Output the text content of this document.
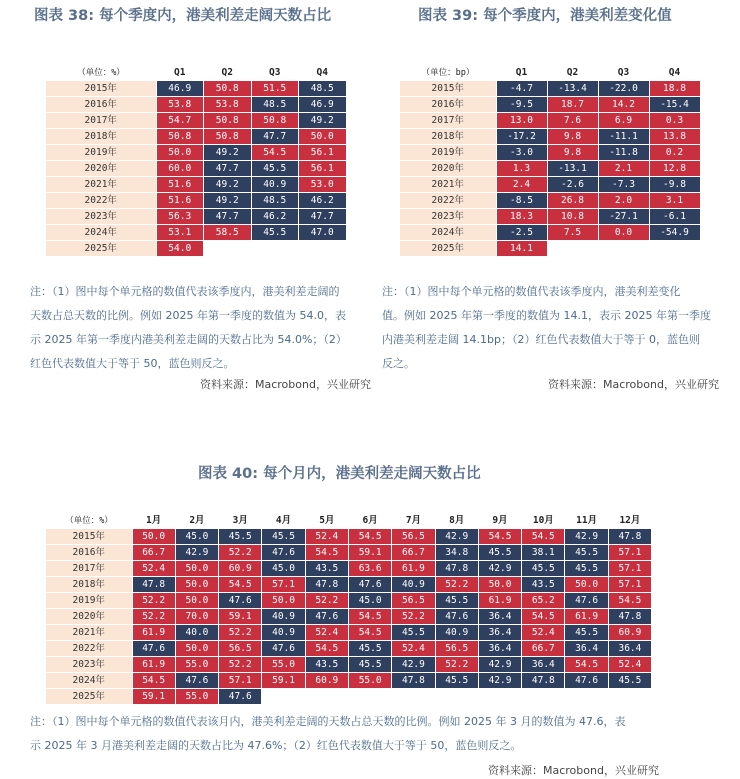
图表 38: 每个季度内，港美利差走阔天数占比
（单位：%）	Q1	Q2	Q3	Q4
2015年	46.9	50.8	51.5	48.5
2016年	53.8	53.8	48.5	46.9
2017年	54.7	50.8	50.8	49.2
2018年	50.8	50.8	47.7	50.0
2019年	50.0	49.2	54.5	56.1
2020年	60.0	47.7	45.5	56.1
2021年	51.6	49.2	40.9	53.0
2022年	51.6	49.2	48.5	46.2
2023年	56.3	47.7	46.2	47.7
2024年	53.1	58.5	45.5	47.0
2025年	54.0			
注：（1）图中每个单元格的数值代表该季度内，港美利差走阔的
天数占总天数的比例。例如 2025 年第一季度的数值为 54.0，表
示 2025 年第一季度内港美利差走阔的天数占比为 54.0%；（2）
红色代表数值大于等于 50，蓝色则反之。
资料来源：Macrobond，兴业研究
图表 39: 每个季度内，港美利差变化值
（单位：bp）	Q1	Q2	Q3	Q4
2015年	-4.7	-13.4	-22.0	18.8
2016年	-9.5	18.7	14.2	-15.4
2017年	13.0	7.6	6.9	0.3
2018年	-17.2	9.8	-11.1	13.8
2019年	-3.0	9.8	-11.8	0.2
2020年	1.3	-13.1	2.1	12.8
2021年	2.4	-2.6	-7.3	-9.8
2022年	-8.5	26.8	2.0	3.1
2023年	18.3	10.8	-27.1	-6.1
2024年	-2.5	7.5	0.0	-54.9
2025年	14.1			
注：（1）图中每个单元格的数值代表该季度内，港美利差变化
值。例如 2025 年第一季度的数值为 14.1，表示 2025 年第一季度
内港美利差走阔 14.1bp；（2）红色代表数值大于等于 0，蓝色则
反之。
资料来源：Macrobond，兴业研究
图表 40: 每个月内，港美利差走阔天数占比
（单位：%）	1月	2月	3月	4月	5月	6月	7月	8月	9月	10月	11月	12月
2015年	50.0	45.0	45.5	45.5	52.4	54.5	56.5	42.9	54.5	54.5	42.9	47.8
2016年	66.7	42.9	52.2	47.6	54.5	59.1	66.7	34.8	45.5	38.1	45.5	57.1
2017年	52.4	50.0	60.9	45.0	43.5	63.6	61.9	47.8	42.9	45.5	45.5	57.1
2018年	47.8	50.0	54.5	57.1	47.8	47.6	40.9	52.2	50.0	43.5	50.0	57.1
2019年	52.2	50.0	47.6	50.0	52.2	45.0	56.5	45.5	61.9	65.2	47.6	54.5
2020年	52.2	70.0	59.1	40.9	47.6	54.5	52.2	47.6	36.4	54.5	61.9	47.8
2021年	61.9	40.0	52.2	40.9	52.4	54.5	45.5	40.9	36.4	52.4	45.5	60.9
2022年	47.6	50.0	56.5	47.6	54.5	45.5	52.4	56.5	36.4	66.7	36.4	36.4
2023年	61.9	55.0	52.2	55.0	43.5	45.5	42.9	52.2	42.9	36.4	54.5	52.4
2024年	54.5	47.6	57.1	59.1	60.9	55.0	47.8	45.5	42.9	47.8	47.6	45.5
2025年	59.1	55.0	47.6									
注：（1）图中每个单元格的数值代表该月内，港美利差走阔的天数占总天数的比例。例如 2025 年 3 月的数值为 47.6，表
示 2025 年 3 月港美利差走阔的天数占比为 47.6%；（2）红色代表数值大于等于 50，蓝色则反之。
资料来源：Macrobond，兴业研究
